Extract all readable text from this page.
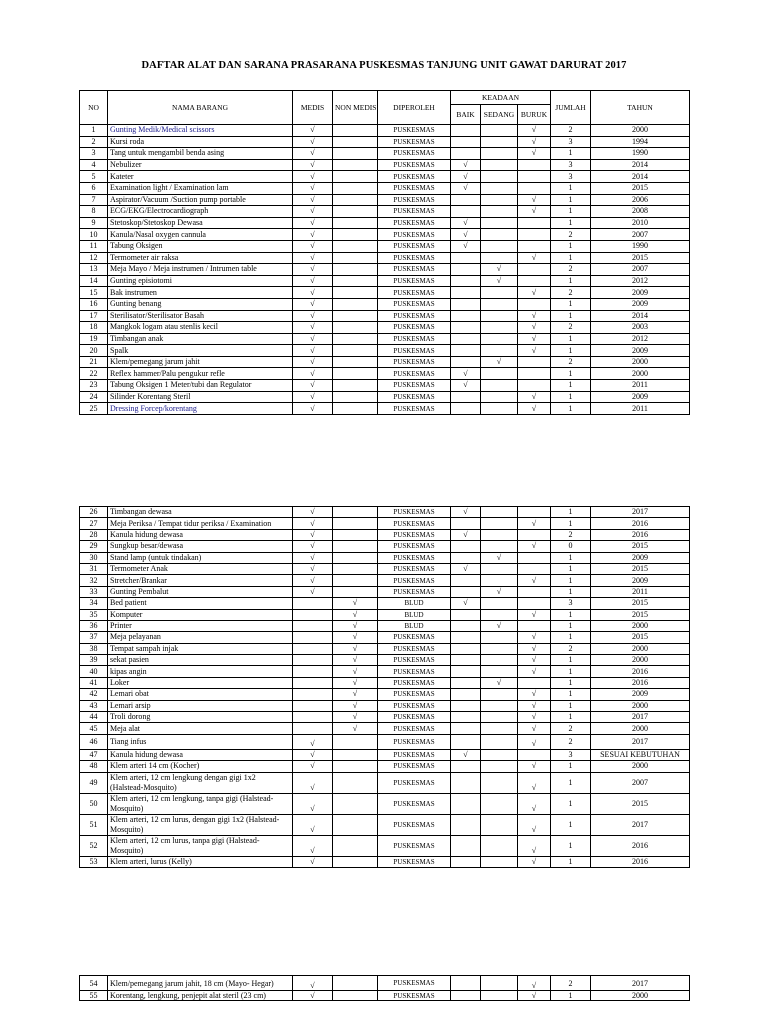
DAFTAR ALAT DAN SARANA PRASARANA PUSKESMAS TANJUNG UNIT GAWAT DARURAT 2017
NO	NAMA BARANG	MEDIS	NON MEDIS	DIPEROLEH	KEADAAN			JUMLAH	TAHUN
					BAIK	SEDANG	BURUK		
1	Gunting Medik/Medical scissors	√		PUSKESMAS			√	2	2000
2	Kursi roda	√		PUSKESMAS			√	3	1994
3	Tang untuk mengambil benda asing	√		PUSKESMAS			√	1	1990
4	Nebulizer	√		PUSKESMAS	√			3	2014
5	Kateter	√		PUSKESMAS	√			3	2014
6	Examination light / Examination lam	√		PUSKESMAS	√			1	2015
7	Aspirator/Vacuum /Suction pump portable	√		PUSKESMAS			√	1	2006
8	ECG/EKG/Electrocardiograph	√		PUSKESMAS			√	1	2008
9	Stetoskop/Stetoskop Dewasa	√		PUSKESMAS	√			1	2010
10	Kanula/Nasal oxygen cannula	√		PUSKESMAS	√			2	2007
11	Tabung Oksigen	√		PUSKESMAS	√			1	1990
12	Termometer air raksa	√		PUSKESMAS			√	1	2015
13	Meja Mayo / Meja instrumen / Intrumen table	√		PUSKESMAS		√		2	2007
14	Gunting episiotomi	√		PUSKESMAS		√		1	2012
15	Bak instrumen	√		PUSKESMAS			√	2	2009
16	Gunting benang	√		PUSKESMAS				1	2009
17	Sterilisator/Sterilisator Basah	√		PUSKESMAS			√	1	2014
18	Mangkok logam atau stenlis kecil	√		PUSKESMAS			√	2	2003
19	Timbangan anak	√		PUSKESMAS			√	1	2012
20	Spalk	√		PUSKESMAS			√	1	2009
21	Klem/pemegang jarum jahit	√		PUSKESMAS		√		2	2000
22	Reflex hammer/Palu pengukur refle	√		PUSKESMAS	√			1	2000
23	Tabung Oksigen 1 Meter/tubi dan Regulator	√		PUSKESMAS	√			1	2011
24	Silinder Korentang Steril	√		PUSKESMAS			√	1	2009
25	Dressing Forcep/korentang	√		PUSKESMAS			√	1	2011
26	Timbangan dewasa	√		PUSKESMAS	√			1	2017
27	Meja Periksa / Tempat tidur periksa / Examination	√		PUSKESMAS			√	1	2016
28	Kanula hidung dewasa	√		PUSKESMAS	√			2	2016
29	Sungkup besar/dewasa	√		PUSKESMAS			√	0	2015
30	Stand lamp (untuk tindakan)	√		PUSKESMAS		√		1	2009
31	Termometer Anak	√		PUSKESMAS	√			1	2015
32	Stretcher/Brankar	√		PUSKESMAS			√	1	2009
33	Gunting Pembalut	√		PUSKESMAS		√		1	2011
34	Bed patient		√	BLUD	√			3	2015
35	Komputer		√	BLUD			√	1	2015
36	Printer		√	BLUD		√		1	2000
37	Meja pelayanan		√	PUSKESMAS			√	1	2015
38	Tempat sampah injak		√	PUSKESMAS			√	2	2000
39	sekat pasien		√	PUSKESMAS			√	1	2000
40	kipas angin		√	PUSKESMAS			√	1	2016
41	Loker		√	PUSKESMAS		√		1	2016
42	Lemari obat		√	PUSKESMAS			√	1	2009
43	Lemari arsip		√	PUSKESMAS			√	1	2000
44	Troli dorong		√	PUSKESMAS			√	1	2017
45	Meja alat		√	PUSKESMAS			√	2	2000
46	Tiang infus	√		PUSKESMAS			√	2	2017
47	Kanula hidung dewasa	√		PUSKESMAS	√			3	SESUAI KEBUTUHAN
48	Klem arteri 14 cm (Kocher)	√		PUSKESMAS			√	1	2000
49	Klem arteri, 12 cm lengkung dengan gigi 1x2 (Halstead-Mosquito)	√		PUSKESMAS			√	1	2007
50	Klem arteri, 12 cm lengkung, tanpa gigi (Halstead-Mosquito)	√		PUSKESMAS			√	1	2015
51	Klem arteri, 12 cm lurus, dengan gigi 1x2 (Halstead-Mosquito)	√		PUSKESMAS			√	1	2017
52	Klem arteri, 12 cm lurus, tanpa gigi (Halstead-Mosquito)	√		PUSKESMAS			√	1	2016
53	Klem arteri, lurus (Kelly)	√		PUSKESMAS			√	1	2016
54	Klem/pemegang jarum jahit, 18 cm (Mayo- Hegar)	√		PUSKESMAS			√	2	2017
55	Korentang, lengkung, penjepit alat steril (23 cm)	√		PUSKESMAS			√	1	2000
